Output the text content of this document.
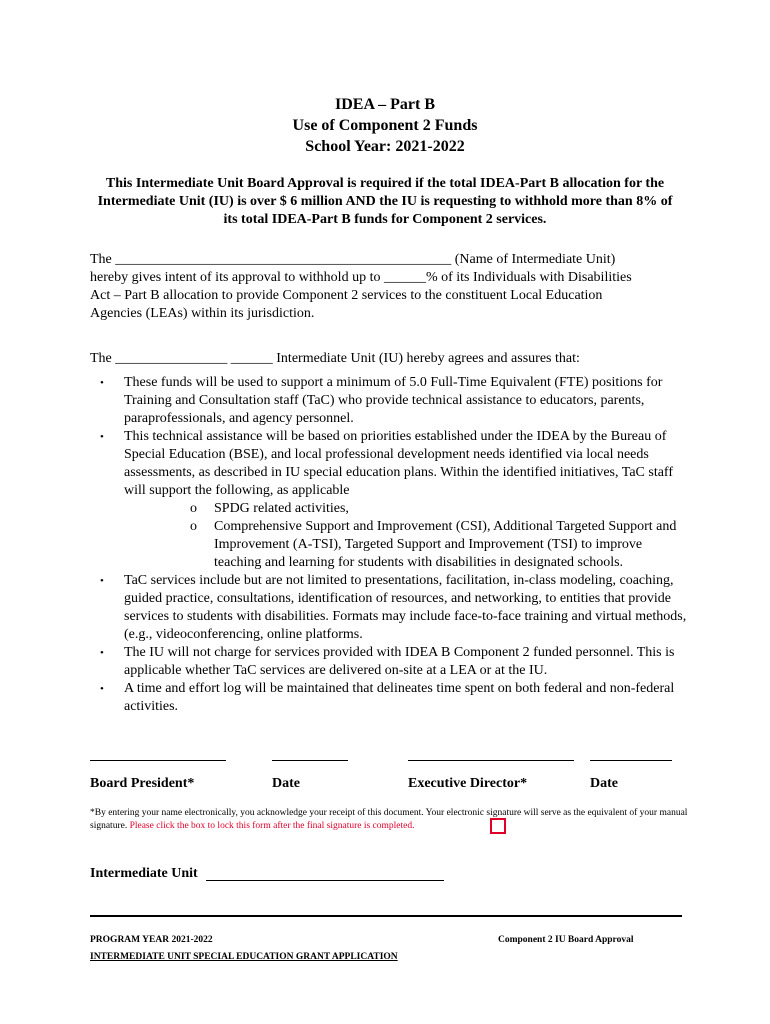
IDEA – Part B
Use of Component 2 Funds
School Year: 2021-2022
This Intermediate Unit Board Approval is required if the total IDEA-Part B allocation for the Intermediate Unit (IU) is over $ 6 million AND the IU is requesting to withhold more than 8% of its total IDEA-Part B funds for Component 2 services.
The ________________________________________________ (Name of Intermediate Unit)
hereby gives intent of its approval to withhold up to ______% of its Individuals with Disabilities
Act – Part B allocation to provide Component 2 services to the constituent Local Education
Agencies (LEAs) within its jurisdiction.
The ________________ ______ Intermediate Unit (IU) hereby agrees and assures that:
• These funds will be used to support a minimum of 5.0 Full-Time Equivalent (FTE) positions for Training and Consultation staff (TaC) who provide technical assistance to educators, parents, paraprofessionals, and agency personnel.
• This technical assistance will be based on priorities established under the IDEA by the Bureau of Special Education (BSE), and local professional development needs identified via local needs assessments, as described in IU special education plans. Within the identified initiatives, TaC staff will support the following, as applicable
o SPDG related activities,
o Comprehensive Support and Improvement (CSI), Additional Targeted Support and Improvement (A-TSI), Targeted Support and Improvement (TSI) to improve teaching and learning for students with disabilities in designated schools.
• TaC services include but are not limited to presentations, facilitation, in-class modeling, coaching, guided practice, consultations, identification of resources, and networking, to entities that provide services to students with disabilities. Formats may include face-to-face training and virtual methods, (e.g., videoconferencing, online platforms.
• The IU will not charge for services provided with IDEA B Component 2 funded personnel. This is applicable whether TaC services are delivered on-site at a LEA or at the IU.
• A time and effort log will be maintained that delineates time spent on both federal and non-federal activities.
Board President*	Date	Executive Director*	Date
*By entering your name electronically, you acknowledge your receipt of this document. Your electronic signature will serve as the equivalent of your manual signature. Please click the box to lock this form after the final signature is completed.
Intermediate Unit
PROGRAM YEAR 2021-2022	Component 2 IU Board Approval
INTERMEDIATE UNIT SPECIAL EDUCATION GRANT APPLICATION
